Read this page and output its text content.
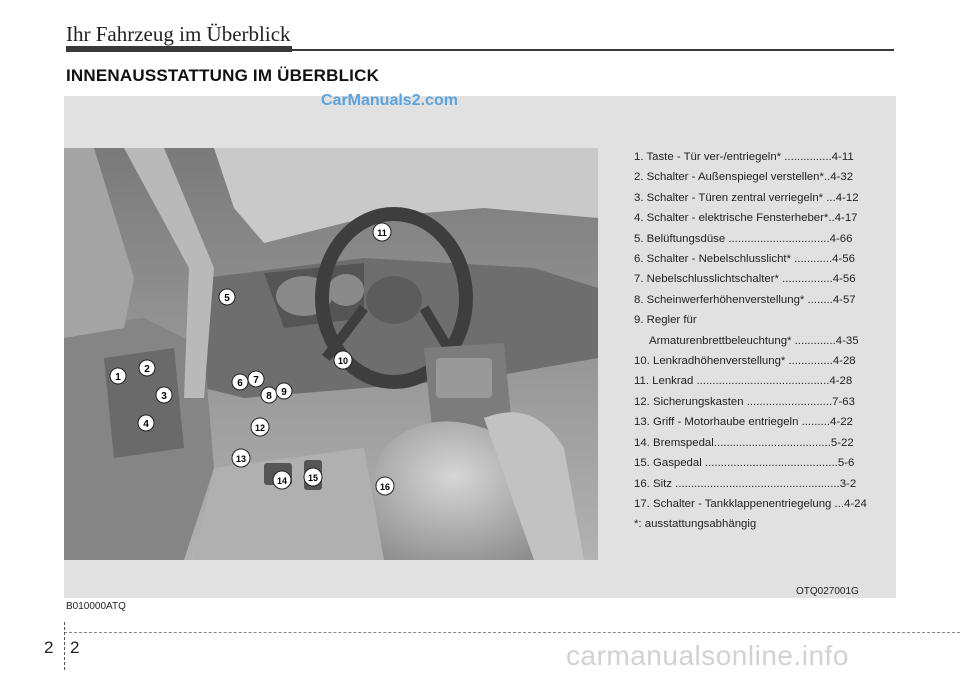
Ihr Fahrzeug im Überblick
INNENAUSSTATTUNG IM ÜBERBLICK
CarManuals2.com
1
2
3
4
5
6 7
8 9
10
11
12
13
14 15
16
1. Taste - Tür ver-/entriegeln* ...............4-11
2. Schalter - Außenspiegel verstellen*..4-32
3. Schalter - Türen zentral verriegeln* ...4-12
4. Schalter - elektrische Fensterheber*..4-17
5. Belüftungsdüse ................................4-66
6. Schalter - Nebelschlusslicht* ............4-56
7. Nebelschlusslichtschalter* ................4-56
8. Scheinwerferhöhenverstellung* ........4-57
9. Regler für
Armaturenbrettbeleuchtung* .............4-35
10. Lenkradhöhenverstellung* ..............4-28
11. Lenkrad ..........................................4-28
12. Sicherungskasten ...........................7-63
13. Griff - Motorhaube entriegeln .........4-22
14. Bremspedal.....................................5-22
15. Gaspedal ..........................................5-6
16. Sitz ....................................................3-2
17. Schalter - Tankklappenentriegelung ...4-24
*: ausstattungsabhängig
OTQ027001G
B010000ATQ
2 2	carmanualsonline.info
